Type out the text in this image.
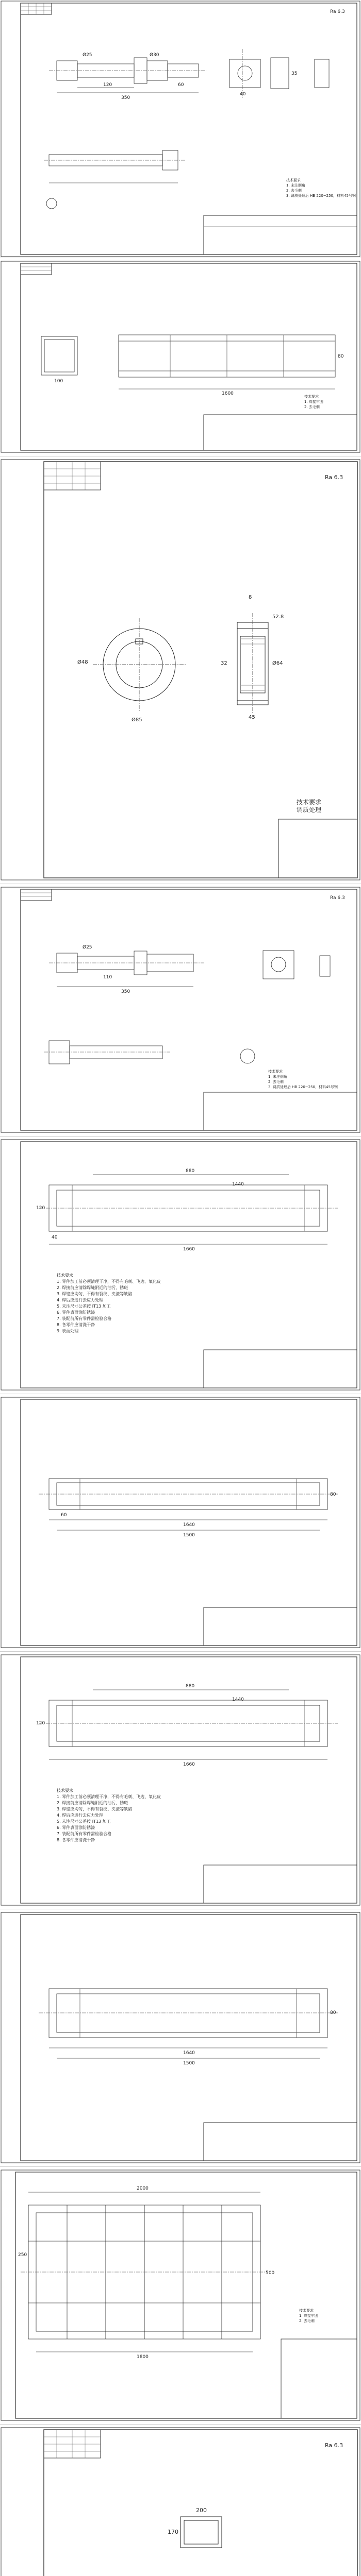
Ra 6.3
350
120	60
Ø25	Ø30
40
35
技术要求
1. 未注倒角
2. 去毛刺
3. 调质处理后 HB 220~250，材料45号钢
1600
100
80
技术要求
1. 焊接牢固
2. 去毛刺
Ra 6.3
Ø48
Ø85
8
52.8
45
32	Ø64
技术要求
调质处理
Ra 6.3
350
110
Ø25
技术要求
1. 未注倒角
2. 去毛刺
3. 调质处理后 HB 220~250，材料45号钢
1660
880
1440
120
40
技术要求
1. 零件加工前必须清理干净，不得有毛刺、飞边、氧化皮
2. 焊接前应清除焊缝附近的油污、锈斑
3. 焊缝应均匀，不得有裂纹、夹渣等缺陷
4. 焊后应进行去应力处理
5. 未注尺寸公差按 IT13 加工
6. 零件表面涂防锈漆
7. 装配前所有零件需检验合格
8. 各零件应清洗干净
9. 表面处理
1640
1500
80
60
1660
880
1440
120
技术要求
1. 零件加工前必须清理干净，不得有毛刺、飞边、氧化皮
2. 焊接前应清除焊缝附近的油污、锈斑
3. 焊缝应均匀，不得有裂纹、夹渣等缺陷
4. 焊后应进行去应力处理
5. 未注尺寸公差按 IT13 加工
6. 零件表面涂防锈漆
7. 装配前所有零件需检验合格
8. 各零件应清洗干净
1640
1500
80
2000
1800
500
250
技术要求
1. 焊接牢固
2. 去毛刺
Ra 6.3
200
170
